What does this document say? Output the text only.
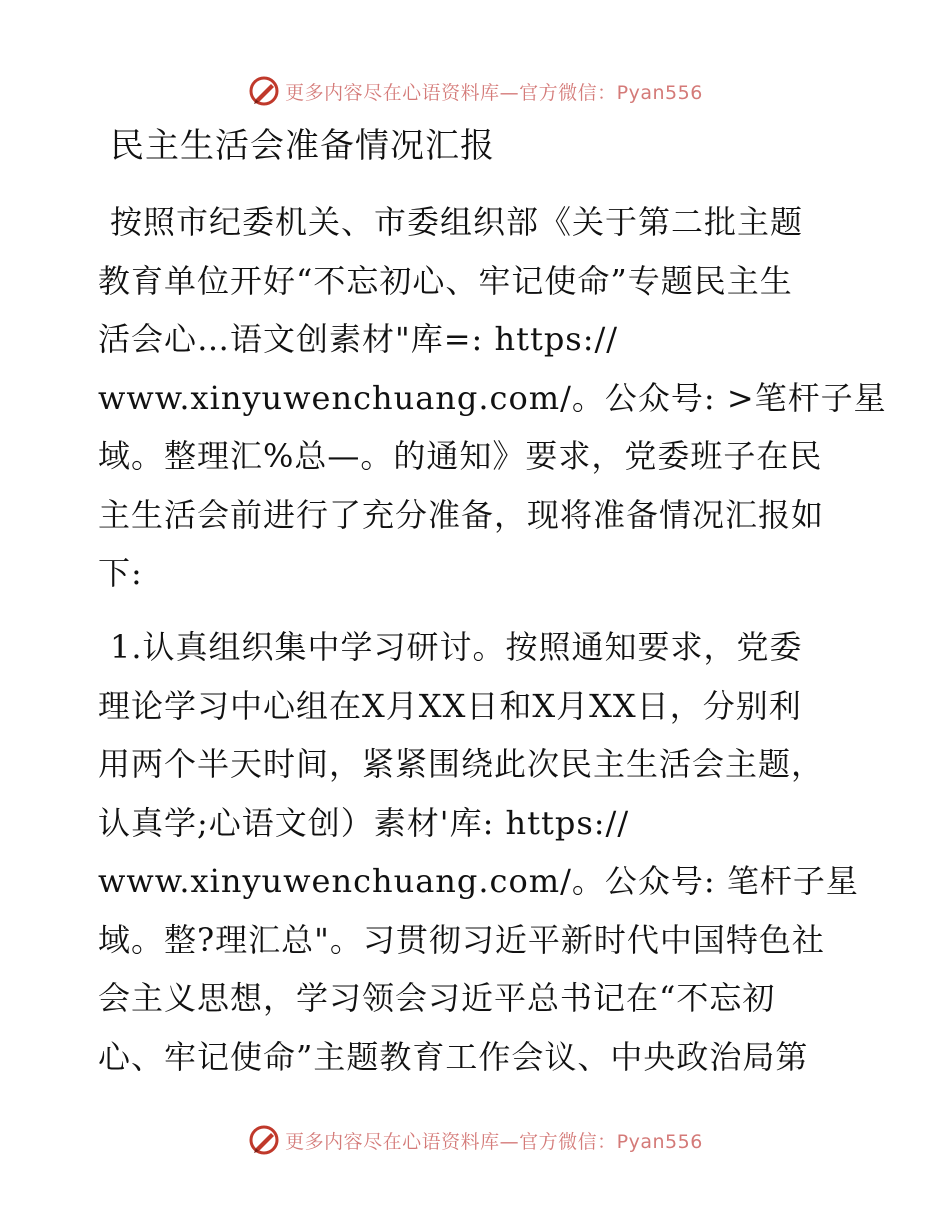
更多内容尽在心语资料库—官方微信：Pyan556
民主生活会准备情况汇报
按照市纪委机关、市委组织部《关于第二批主题
教育单位开好“不忘初心、牢记使命”专题民主生
活会心…语文创素材"库=: https://
www.xinyuwenchuang.com/。公众号: >笔杆子星
域。整理汇%总—。的通知》要求，党委班子在民
主生活会前进行了充分准备，现将准备情况汇报如
下:
1.认真组织集中学习研讨。按照通知要求，党委
理论学习中心组在X月XX日和X月XX日，分别利
用两个半天时间，紧紧围绕此次民主生活会主题，
认真学;心语文创）素材'库: https://
www.xinyuwenchuang.com/。公众号: 笔杆子星
域。整?理汇总"。习贯彻习近平新时代中国特色社
会主义思想，学习领会习近平总书记在“不忘初
心、牢记使命”主题教育工作会议、中央政治局第
更多内容尽在心语资料库—官方微信：Pyan556
